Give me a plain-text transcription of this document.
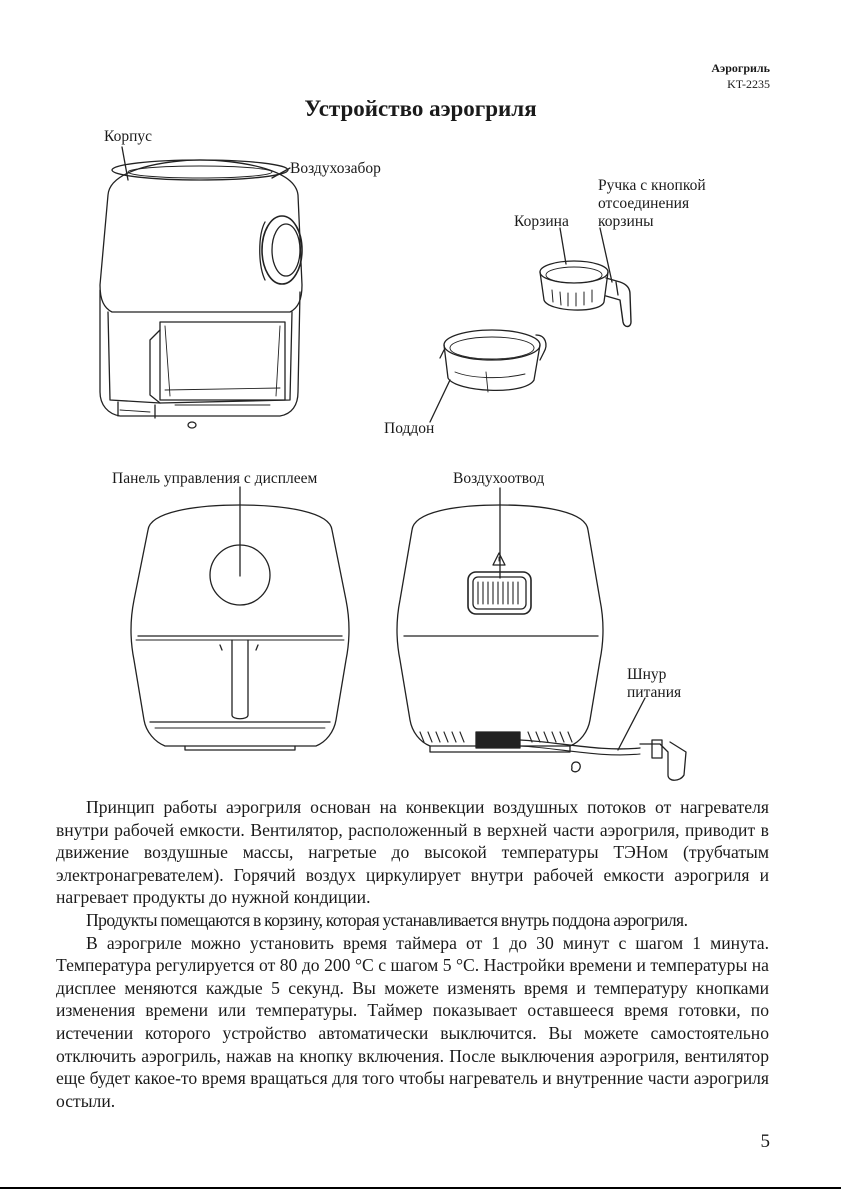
Аэрогриль
KT-2235
Устройство аэрогриля
Корпус
Воздухозабор
Ручка с кнопкой
отсоединения
корзины
Корзина
Поддон
Панель управления с дисплеем	Воздухоотвод
Шнур
питания

Принцип работы аэрогриля основан на конвекции воздушных потоков от нагревателя внутри рабочей емкости. Вентилятор, расположенный в верхней части аэрогриля, приводит в движение воздушные массы, нагретые до высокой температуры ТЭНом (трубчатым электронагревателем). Горячий воздух циркулирует внутри рабочей емкости аэрогриля и нагревает продукты до нужной кондиции.

Продукты помещаются в корзину, которая устанавливается внутрь поддона аэрогриля.

В аэрогриле можно установить время таймера от 1 до 30 минут с шагом 1 минута. Температура регулируется от 80 до 200 °С с шагом 5 °С. Настройки времени и температуры на дисплее меняются каждые 5 секунд. Вы можете изменять время и температуру кнопками изменения времени или температуры. Таймер показывает оставшееся время готовки, по истечении которого устройство автоматически выключится. Вы можете самостоятельно отключить аэрогриль, нажав на кнопку включения. После выключения аэрогриля, вентилятор еще будет какое-то время вращаться для того чтобы нагреватель и внутренние части аэрогриля остыли.

5
